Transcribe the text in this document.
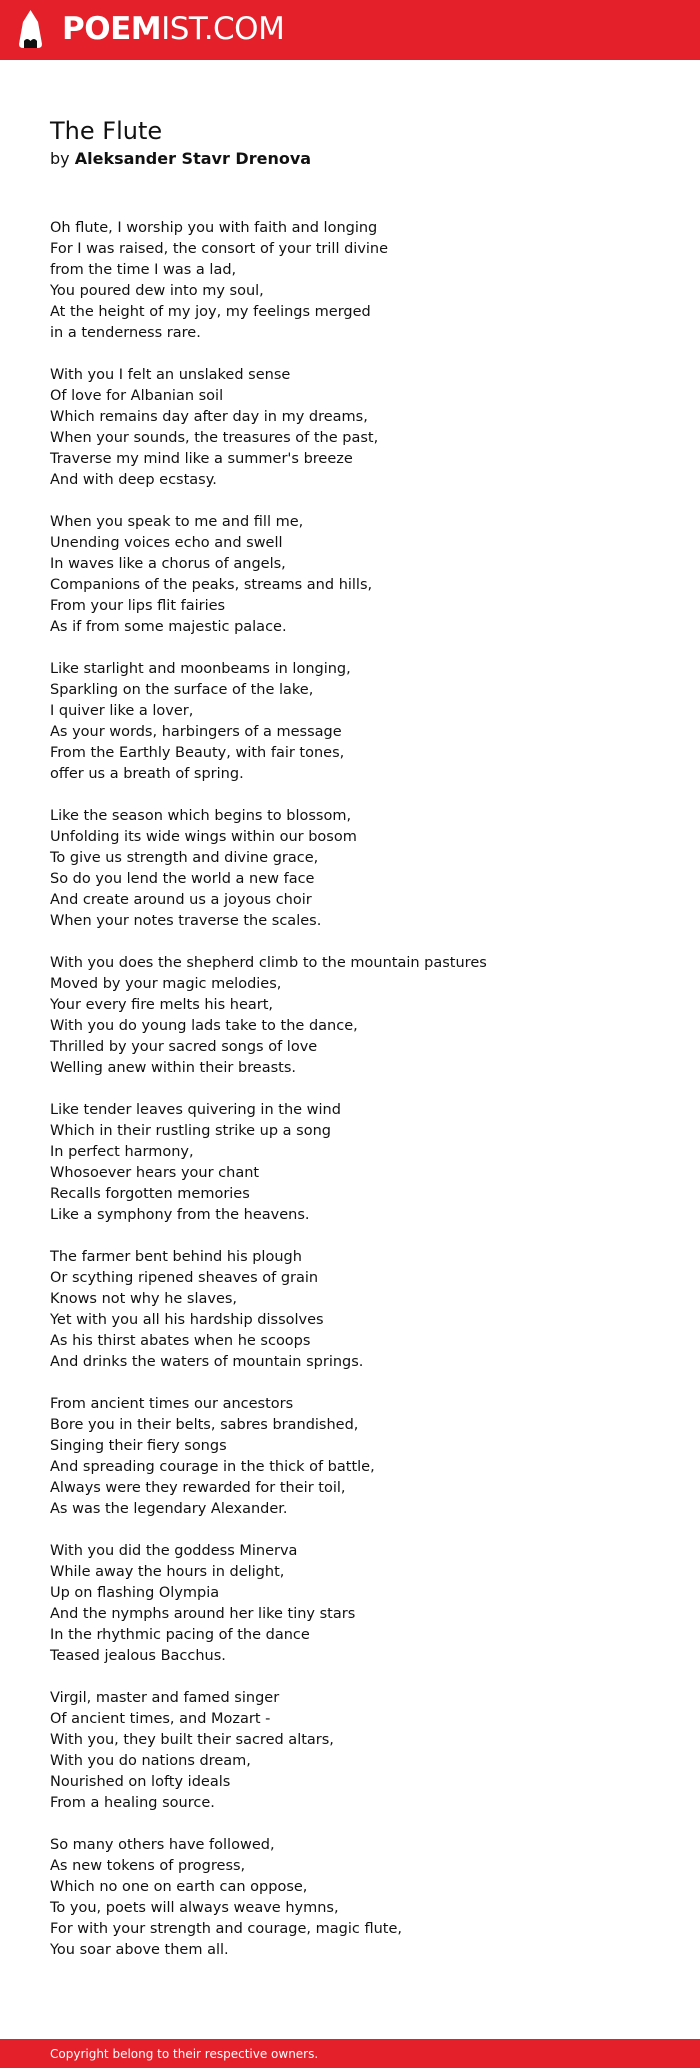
POEMIST.COM
The Flute
by Aleksander Stavr Drenova
Oh flute, I worship you with faith and longing
For I was raised, the consort of your trill divine
from the time I was a lad,
You poured dew into my soul,
At the height of my joy, my feelings merged
in a tenderness rare.
With you I felt an unslaked sense
Of love for Albanian soil
Which remains day after day in my dreams,
When your sounds, the treasures of the past,
Traverse my mind like a summer's breeze
And with deep ecstasy.
When you speak to me and fill me,
Unending voices echo and swell
In waves like a chorus of angels,
Companions of the peaks, streams and hills,
From your lips flit fairies
As if from some majestic palace.
Like starlight and moonbeams in longing,
Sparkling on the surface of the lake,
I quiver like a lover,
As your words, harbingers of a message
From the Earthly Beauty, with fair tones,
offer us a breath of spring.
Like the season which begins to blossom,
Unfolding its wide wings within our bosom
To give us strength and divine grace,
So do you lend the world a new face
And create around us a joyous choir
When your notes traverse the scales.
With you does the shepherd climb to the mountain pastures
Moved by your magic melodies,
Your every fire melts his heart,
With you do young lads take to the dance,
Thrilled by your sacred songs of love
Welling anew within their breasts.
Like tender leaves quivering in the wind
Which in their rustling strike up a song
In perfect harmony,
Whosoever hears your chant
Recalls forgotten memories
Like a symphony from the heavens.
The farmer bent behind his plough
Or scything ripened sheaves of grain
Knows not why he slaves,
Yet with you all his hardship dissolves
As his thirst abates when he scoops
And drinks the waters of mountain springs.
From ancient times our ancestors
Bore you in their belts, sabres brandished,
Singing their fiery songs
And spreading courage in the thick of battle,
Always were they rewarded for their toil,
As was the legendary Alexander.
With you did the goddess Minerva
While away the hours in delight,
Up on flashing Olympia
And the nymphs around her like tiny stars
In the rhythmic pacing of the dance
Teased jealous Bacchus.
Virgil, master and famed singer
Of ancient times, and Mozart -
With you, they built their sacred altars,
With you do nations dream,
Nourished on lofty ideals
From a healing source.
So many others have followed,
As new tokens of progress,
Which no one on earth can oppose,
To you, poets will always weave hymns,
For with your strength and courage, magic flute,
You soar above them all.
Copyright belong to their respective owners.
